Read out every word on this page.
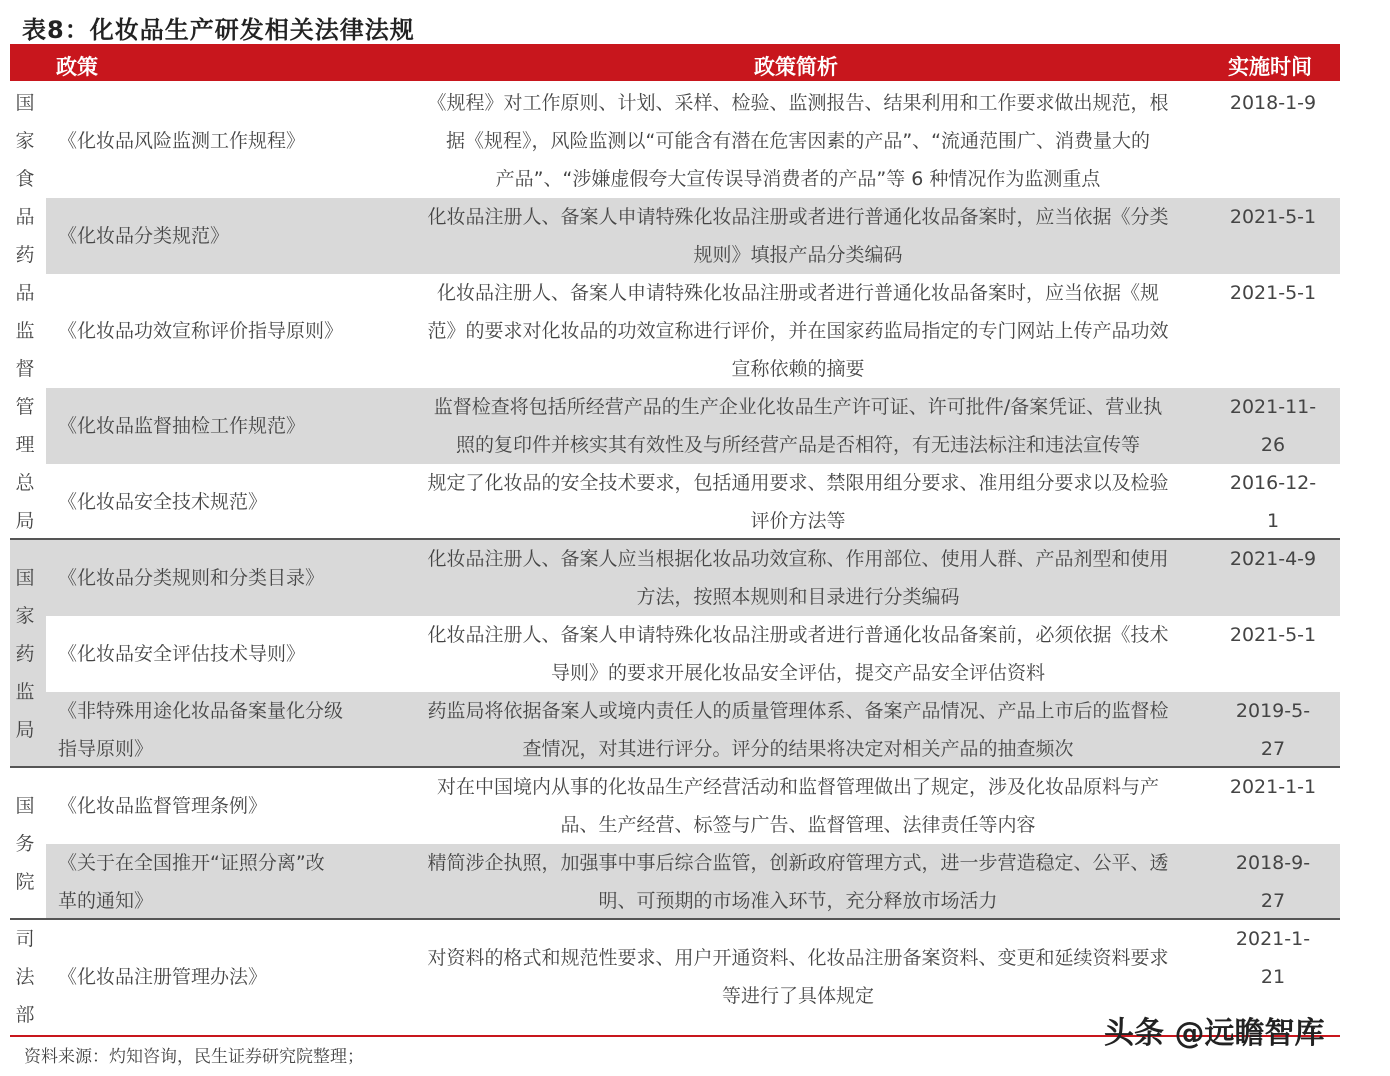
表8：化妆品生产研发相关法律法规
政策	政策简析	实施时间
《化妆品风险监测工作规程》
《规程》对工作原则、计划、采样、检验、监测报告、结果利用和工作要求做出规范，根
据《规程》，风险监测以“可能含有潜在危害因素的产品”、“流通范围广、消费量大的
产品”、“涉嫌虚假夸大宣传误导消费者的产品”等 6 种情况作为监测重点
2018-1-9
《化妆品分类规范》
化妆品注册人、备案人申请特殊化妆品注册或者进行普通化妆品备案时，应当依据《分类
规则》填报产品分类编码
2021-5-1
《化妆品功效宣称评价指导原则》
化妆品注册人、备案人申请特殊化妆品注册或者进行普通化妆品备案时，应当依据《规
范》的要求对化妆品的功效宣称进行评价，并在国家药监局指定的专门网站上传产品功效
宣称依赖的摘要
2021-5-1
《化妆品监督抽检工作规范》
监督检查将包括所经营产品的生产企业化妆品生产许可证、许可批件/备案凭证、营业执
照的复印件并核实其有效性及与所经营产品是否相符，有无违法标注和违法宣传等
2021-11-
26
《化妆品安全技术规范》
规定了化妆品的安全技术要求，包括通用要求、禁限用组分要求、准用组分要求以及检验
评价方法等
2016-12-
1
《化妆品分类规则和分类目录》
化妆品注册人、备案人应当根据化妆品功效宣称、作用部位、使用人群、产品剂型和使用
方法，按照本规则和目录进行分类编码
2021-4-9
《化妆品安全评估技术导则》
化妆品注册人、备案人申请特殊化妆品注册或者进行普通化妆品备案前，必须依据《技术
导则》的要求开展化妆品安全评估，提交产品安全评估资料
2021-5-1
《非特殊用途化妆品备案量化分级
指导原则》
药监局将依据备案人或境内责任人的质量管理体系、备案产品情况、产品上市后的监督检
查情况，对其进行评分。评分的结果将决定对相关产品的抽查频次
2019-5-
27
《化妆品监督管理条例》
对在中国境内从事的化妆品生产经营活动和监督管理做出了规定，涉及化妆品原料与产
品、生产经营、标签与广告、监督管理、法律责任等内容
2021-1-1
《关于在全国推开“证照分离”改
革的通知》
精简涉企执照，加强事中事后综合监管，创新政府管理方式，进一步营造稳定、公平、透
明、可预期的市场准入环节，充分释放市场活力
2018-9-
27
《化妆品注册管理办法》
对资料的格式和规范性要求、用户开通资料、化妆品注册备案资料、变更和延续资料要求
等进行了具体规定
2021-1-
21
国
家
食
品
药
品
监
督
管
理
总
局
国
家
药
监
局
国
务
院
司
法
部
资料来源：灼知咨询，民生证券研究院整理；
头条 @远瞻智库
